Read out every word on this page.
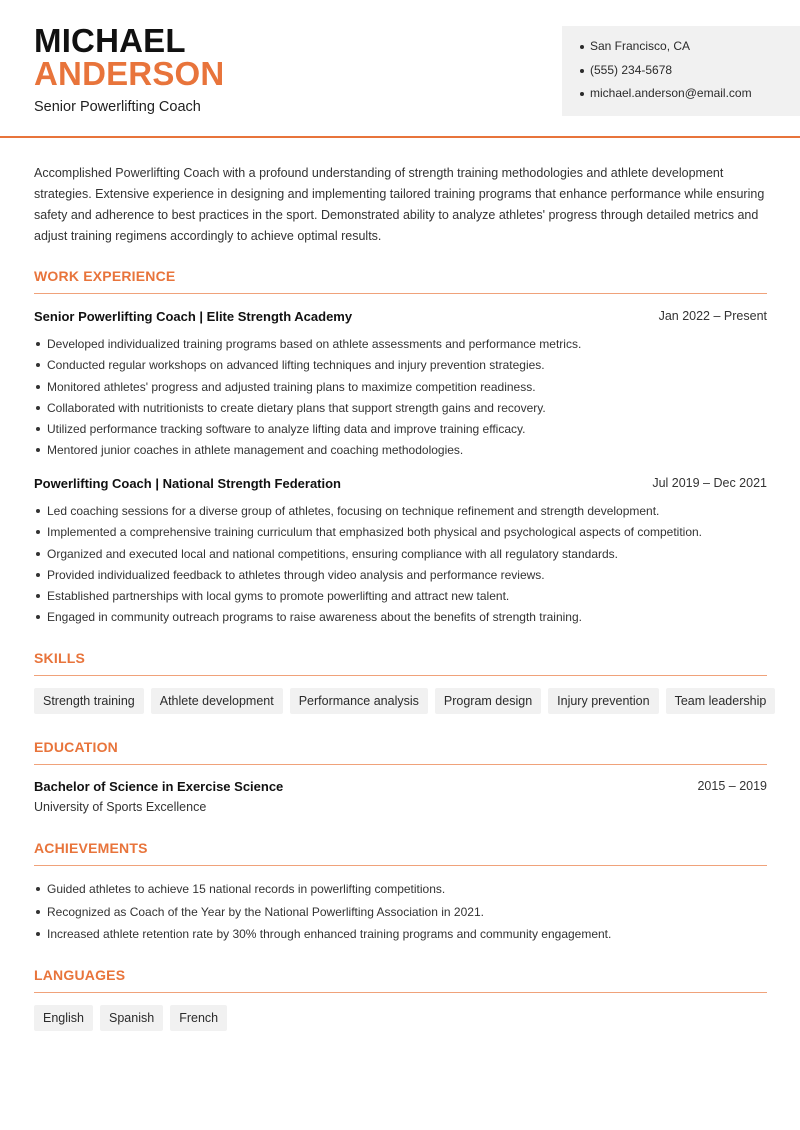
MICHAEL
ANDERSON
Senior Powerlifting Coach
San Francisco, CA
(555) 234-5678
michael.anderson@email.com

Accomplished Powerlifting Coach with a profound understanding of strength training methodologies and athlete development strategies. Extensive experience in designing and implementing tailored training programs that enhance performance while ensuring safety and adherence to best practices in the sport. Demonstrated ability to analyze athletes' progress through detailed metrics and adjust training regimens accordingly to achieve optimal results.

WORK EXPERIENCE
Senior Powerlifting Coach | Elite Strength Academy	Jan 2022 – Present
Developed individualized training programs based on athlete assessments and performance metrics.
Conducted regular workshops on advanced lifting techniques and injury prevention strategies.
Monitored athletes' progress and adjusted training plans to maximize competition readiness.
Collaborated with nutritionists to create dietary plans that support strength gains and recovery.
Utilized performance tracking software to analyze lifting data and improve training efficacy.
Mentored junior coaches in athlete management and coaching methodologies.
Powerlifting Coach | National Strength Federation	Jul 2019 – Dec 2021
Led coaching sessions for a diverse group of athletes, focusing on technique refinement and strength development.
Implemented a comprehensive training curriculum that emphasized both physical and psychological aspects of competition.
Organized and executed local and national competitions, ensuring compliance with all regulatory standards.
Provided individualized feedback to athletes through video analysis and performance reviews.
Established partnerships with local gyms to promote powerlifting and attract new talent.
Engaged in community outreach programs to raise awareness about the benefits of strength training.
SKILLS
Strength training	Athlete development	Performance analysis	Program design	Injury prevention	Team leadership
EDUCATION
Bachelor of Science in Exercise Science	2015 – 2019
University of Sports Excellence
ACHIEVEMENTS
Guided athletes to achieve 15 national records in powerlifting competitions.
Recognized as Coach of the Year by the National Powerlifting Association in 2021.
Increased athlete retention rate by 30% through enhanced training programs and community engagement.
LANGUAGES
English	Spanish	French
